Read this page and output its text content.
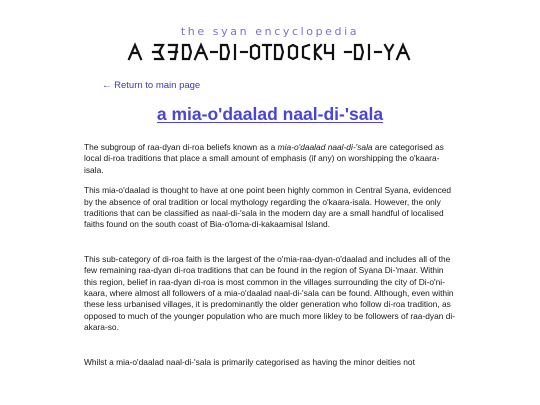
the syan encyclopedia
← Return to main page
a mia-o'daalad naal-di-'sala

The subgroup of raa-dyan di-roa beliefs known as a mia-o'daalad naal-di-'sala are categorised as local di-roa traditions that place a small amount of emphasis (if any) on worshipping the o'kaara-isala.

This mia-o'daalad is thought to have at one point been highly common in Central Syana, evidenced by the absence of oral tradition or local mythology regarding the o'kaara-isala. However, the only traditions that can be classified as naal-di-'sala in the modern day are a small handful of localised faiths found on the south coast of Bia-o'loma-di-kakaamisal Island.

This sub-category of di-roa faith is the largest of the o'mia-raa-dyan-o'daalad and includes all of the few remaining raa-dyan di-roa traditions that can be found in the region of Syana Di-'maar. Within this region, belief in raa-dyan di-roa is most common in the villages surrounding the city of Di-o'ni-kaara, where almost all followers of a mia-o'daalad naal-di-'sala can be found. Although, even within these less urbanised villages, it is predominantly the older generation who follow di-roa tradition, as opposed to much of the younger population who are much more likley to be followers of raa-dyan di-akara-so.

Whilst a mia-o'daalad naal-di-'sala is primarily categorised as having the minor deities not
